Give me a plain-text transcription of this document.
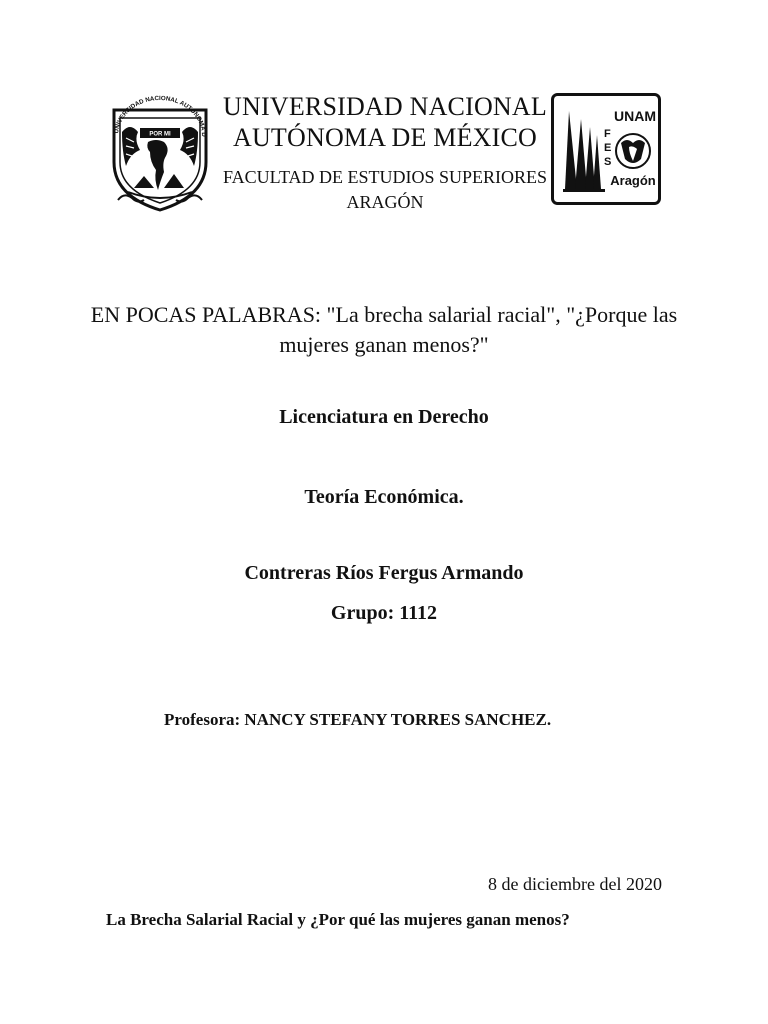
UNIVERSIDAD NACIONAL AUTONOMA D
POR MI
UNIVERSIDAD NACIONAL AUTÓNOMA DE MÉXICO
FACULTAD DE ESTUDIOS SUPERIORES ARAGÓN
F
E
S
UNAM
Aragón
EN POCAS PALABRAS: "La brecha salarial racial", "¿Porque las mujeres ganan menos?"
Licenciatura en Derecho
Teoría Económica.
Contreras Ríos Fergus Armando
Grupo: 1112
Profesora: NANCY STEFANY TORRES SANCHEZ.
8 de diciembre del 2020
La Brecha Salarial Racial y ¿Por qué las mujeres ganan menos?
